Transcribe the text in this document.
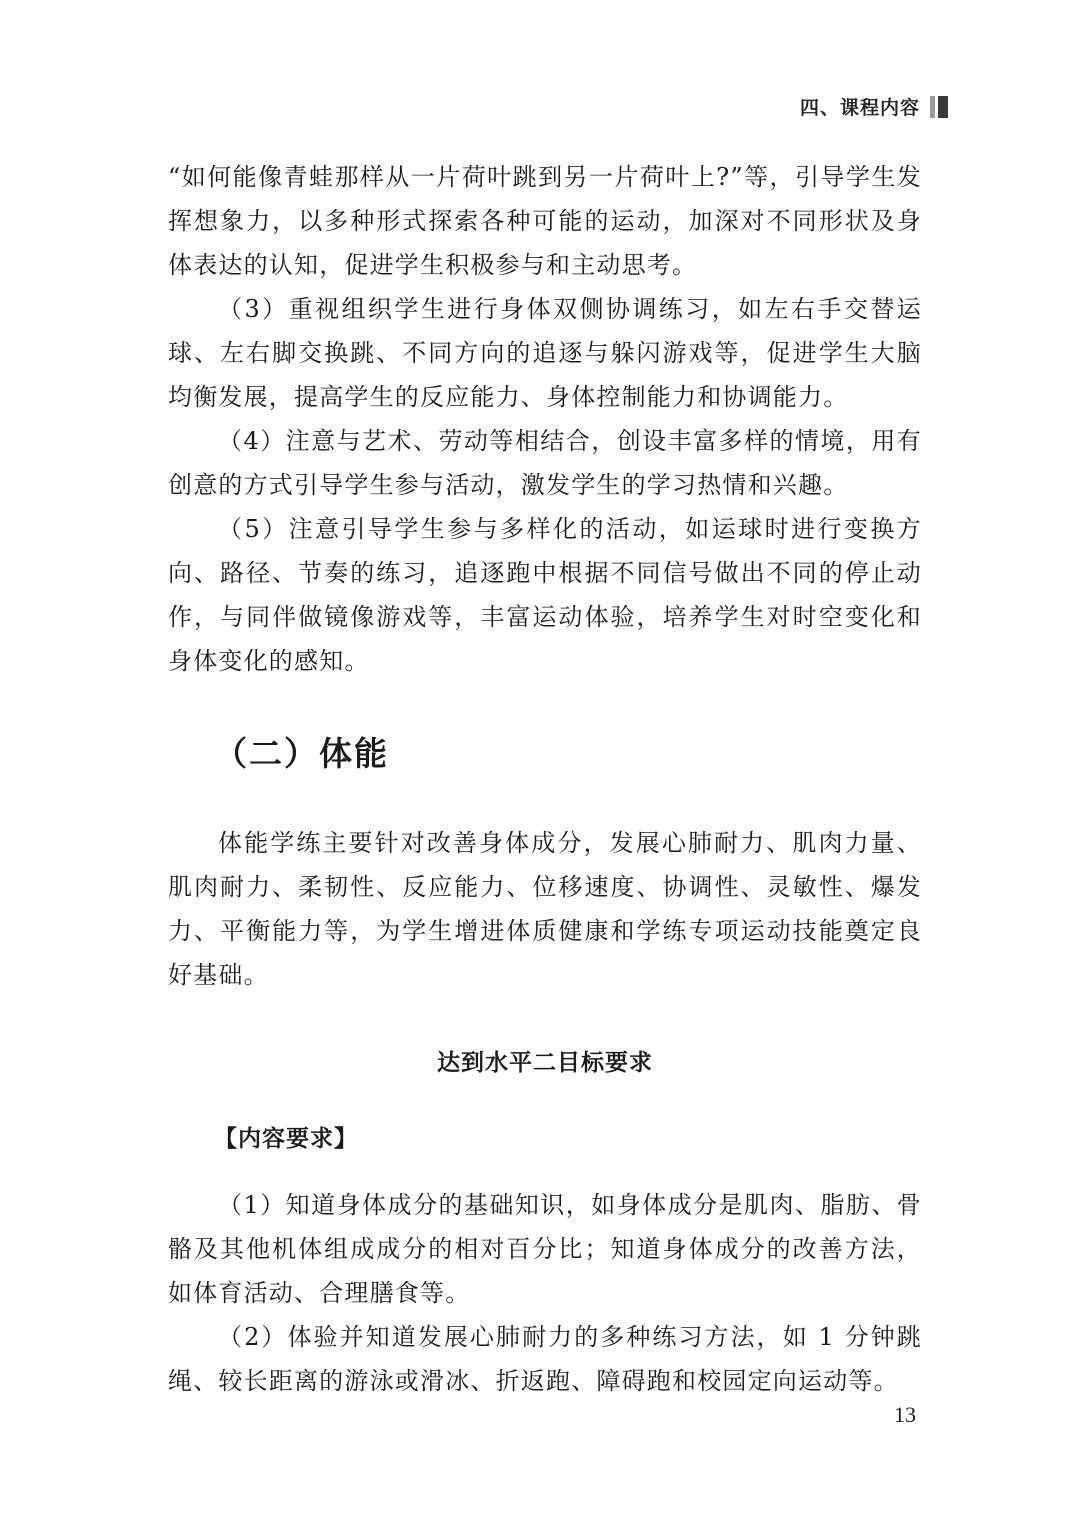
四、课程内容

“如何能像青蛙那样从一片荷叶跳到另一片荷叶上?”等，引导学生发挥想象力，以多种形式探索各种可能的运动，加深对不同形状及身体表达的认知，促进学生积极参与和主动思考。

（3）重视组织学生进行身体双侧协调练习，如左右手交替运球、左右脚交换跳、不同方向的追逐与躲闪游戏等，促进学生大脑均衡发展，提高学生的反应能力、身体控制能力和协调能力。

（4）注意与艺术、劳动等相结合，创设丰富多样的情境，用有创意的方式引导学生参与活动，激发学生的学习热情和兴趣。

（5）注意引导学生参与多样化的活动，如运球时进行变换方向、路径、节奏的练习，追逐跑中根据不同信号做出不同的停止动作，与同伴做镜像游戏等，丰富运动体验，培养学生对时空变化和身体变化的感知。

（二）体能

体能学练主要针对改善身体成分，发展心肺耐力、肌肉力量、肌肉耐力、柔韧性、反应能力、位移速度、协调性、灵敏性、爆发力、平衡能力等，为学生增进体质健康和学练专项运动技能奠定良好基础。

达到水平二目标要求
【内容要求】

（1）知道身体成分的基础知识，如身体成分是肌肉、脂肪、骨骼及其他机体组成成分的相对百分比；知道身体成分的改善方法，如体育活动、合理膳食等。

（2）体验并知道发展心肺耐力的多种练习方法，如 1 分钟跳绳、较长距离的游泳或滑冰、折返跑、障碍跑和校园定向运动等。

13
